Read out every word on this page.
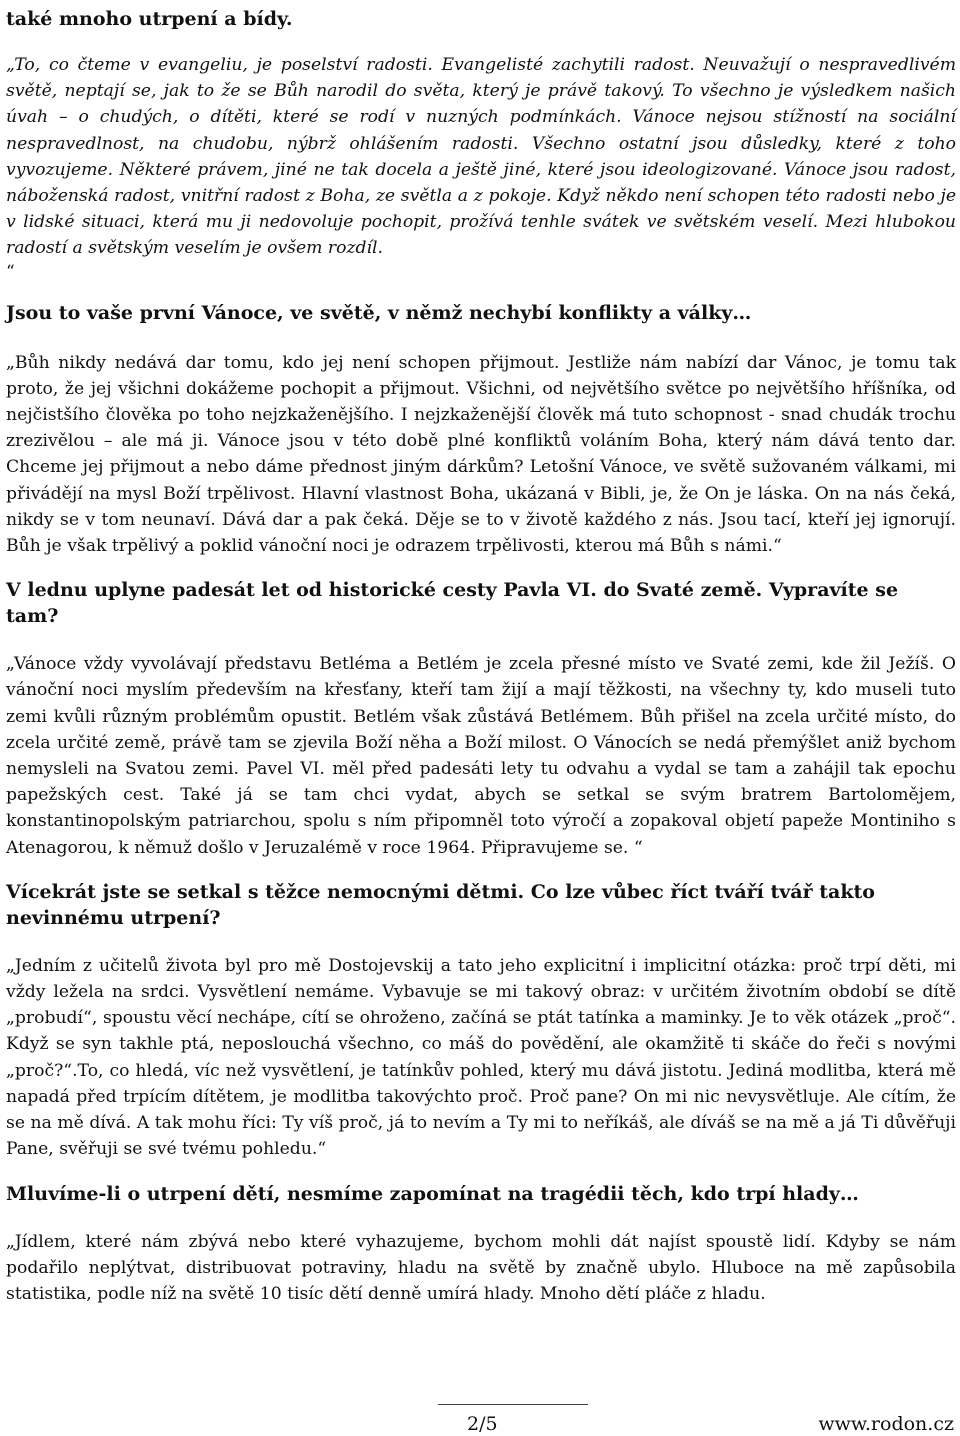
také mnoho utrpení a bídy.

„To, co čteme v evangeliu, je poselství radosti. Evangelisté zachytili radost. Neuvažují o nespravedlivém světě, neptají se, jak to že se Bůh narodil do světa, který je právě takový. To všechno je výsledkem našich úvah – o chudých, o dítěti, které se rodí v nuzných podmínkách. Vánoce nejsou stížností na sociální nespravedlnost, na chudobu, nýbrž ohlášením radosti. Všechno ostatní jsou důsledky, které z toho vyvozujeme. Některé právem, jiné ne tak docela a ještě jiné, které jsou ideologizované. Vánoce jsou radost, náboženská radost, vnitřní radost z Boha, ze světla a z pokoje. Když někdo není schopen této radosti nebo je v lidské situaci, která mu ji nedovoluje pochopit, prožívá tenhle svátek ve světském veselí. Mezi hlubokou radostí a světským veselím je ovšem rozdíl.

“

Jsou to vaše první Vánoce, ve světě, v němž nechybí konflikty a války…

„Bůh nikdy nedává dar tomu, kdo jej není schopen přijmout. Jestliže nám nabízí dar Vánoc, je tomu tak proto, že jej všichni dokážeme pochopit a přijmout. Všichni, od největšího světce po největšího hříšníka, od nejčistšího člověka po toho nejzkaženějšího. I nejzkaženější člověk má tuto schopnost - snad chudák trochu zrezivělou – ale má ji. Vánoce jsou v této době plné konfliktů voláním Boha, který nám dává tento dar. Chceme jej přijmout a nebo dáme přednost jiným dárkům? Letošní Vánoce, ve světě sužovaném válkami, mi přivádějí na mysl Boží trpělivost. Hlavní vlastnost Boha, ukázaná v Bibli, je, že On je láska. On na nás čeká, nikdy se v tom neunaví. Dává dar a pak čeká. Děje se to v životě každého z nás. Jsou tací, kteří jej ignorují. Bůh je však trpělivý a poklid vánoční noci je odrazem trpělivosti, kterou má Bůh s námi.“

V lednu uplyne padesát let od historické cesty Pavla VI. do Svaté země. Vypravíte se tam?

„Vánoce vždy vyvolávají představu Betléma a Betlém je zcela přesné místo ve Svaté zemi, kde žil Ježíš. O vánoční noci myslím především na křesťany, kteří tam žijí a mají těžkosti, na všechny ty, kdo museli tuto zemi kvůli různým problémům opustit. Betlém však zůstává Betlémem. Bůh přišel na zcela určité místo, do zcela určité země, právě tam se zjevila Boží něha a Boží milost. O Vánocích se nedá přemýšlet aniž bychom nemysleli na Svatou zemi. Pavel VI. měl před padesáti lety tu odvahu a vydal se tam a zahájil tak epochu papežských cest. Také já se tam chci vydat, abych se setkal se svým bratrem Bartolomějem, konstantinopolským patriarchou, spolu s ním připomněl toto výročí a zopakoval objetí papeže Montiniho s Atenagorou, k němuž došlo v Jeruzalémě v roce 1964. Připravujeme se. “

Vícekrát jste se setkal s těžce nemocnými dětmi. Co lze vůbec říct tváří tvář takto nevinnému utrpení?

„Jedním z učitelů života byl pro mě Dostojevskij a tato jeho explicitní i implicitní otázka: proč trpí děti, mi vždy ležela na srdci. Vysvětlení nemáme. Vybavuje se mi takový obraz: v určitém životním období se dítě „probudí“, spoustu věcí nechápe, cítí se ohroženo, začíná se ptát tatínka a maminky. Je to věk otázek „proč“. Když se syn takhle ptá, neposlouchá všechno, co máš do povědění, ale okamžitě ti skáče do řeči s novými „proč?“.To, co hledá, víc než vysvětlení, je tatínkův pohled, který mu dává jistotu. Jediná modlitba, která mě napadá před trpícím dítětem, je modlitba takovýchto proč. Proč pane? On mi nic nevysvětluje. Ale cítím, že se na mě dívá. A tak mohu říci: Ty víš proč, já to nevím a Ty mi to neříkáš, ale díváš se na mě a já Ti důvěřuji Pane, svěřuji se své tvému pohledu.“

Mluvíme-li o utrpení dětí, nesmíme zapomínat na tragédii těch, kdo trpí hlady…

„Jídlem, které nám zbývá nebo které vyhazujeme, bychom mohli dát najíst spoustě lidí. Kdyby se nám podařilo neplýtvat, distribuovat potraviny, hladu na světě by značně ubylo. Hluboce na mě zapůsobila statistika, podle níž na světě 10 tisíc dětí denně umírá hlady. Mnoho dětí pláče z hladu.

2/5	www.rodon.cz
